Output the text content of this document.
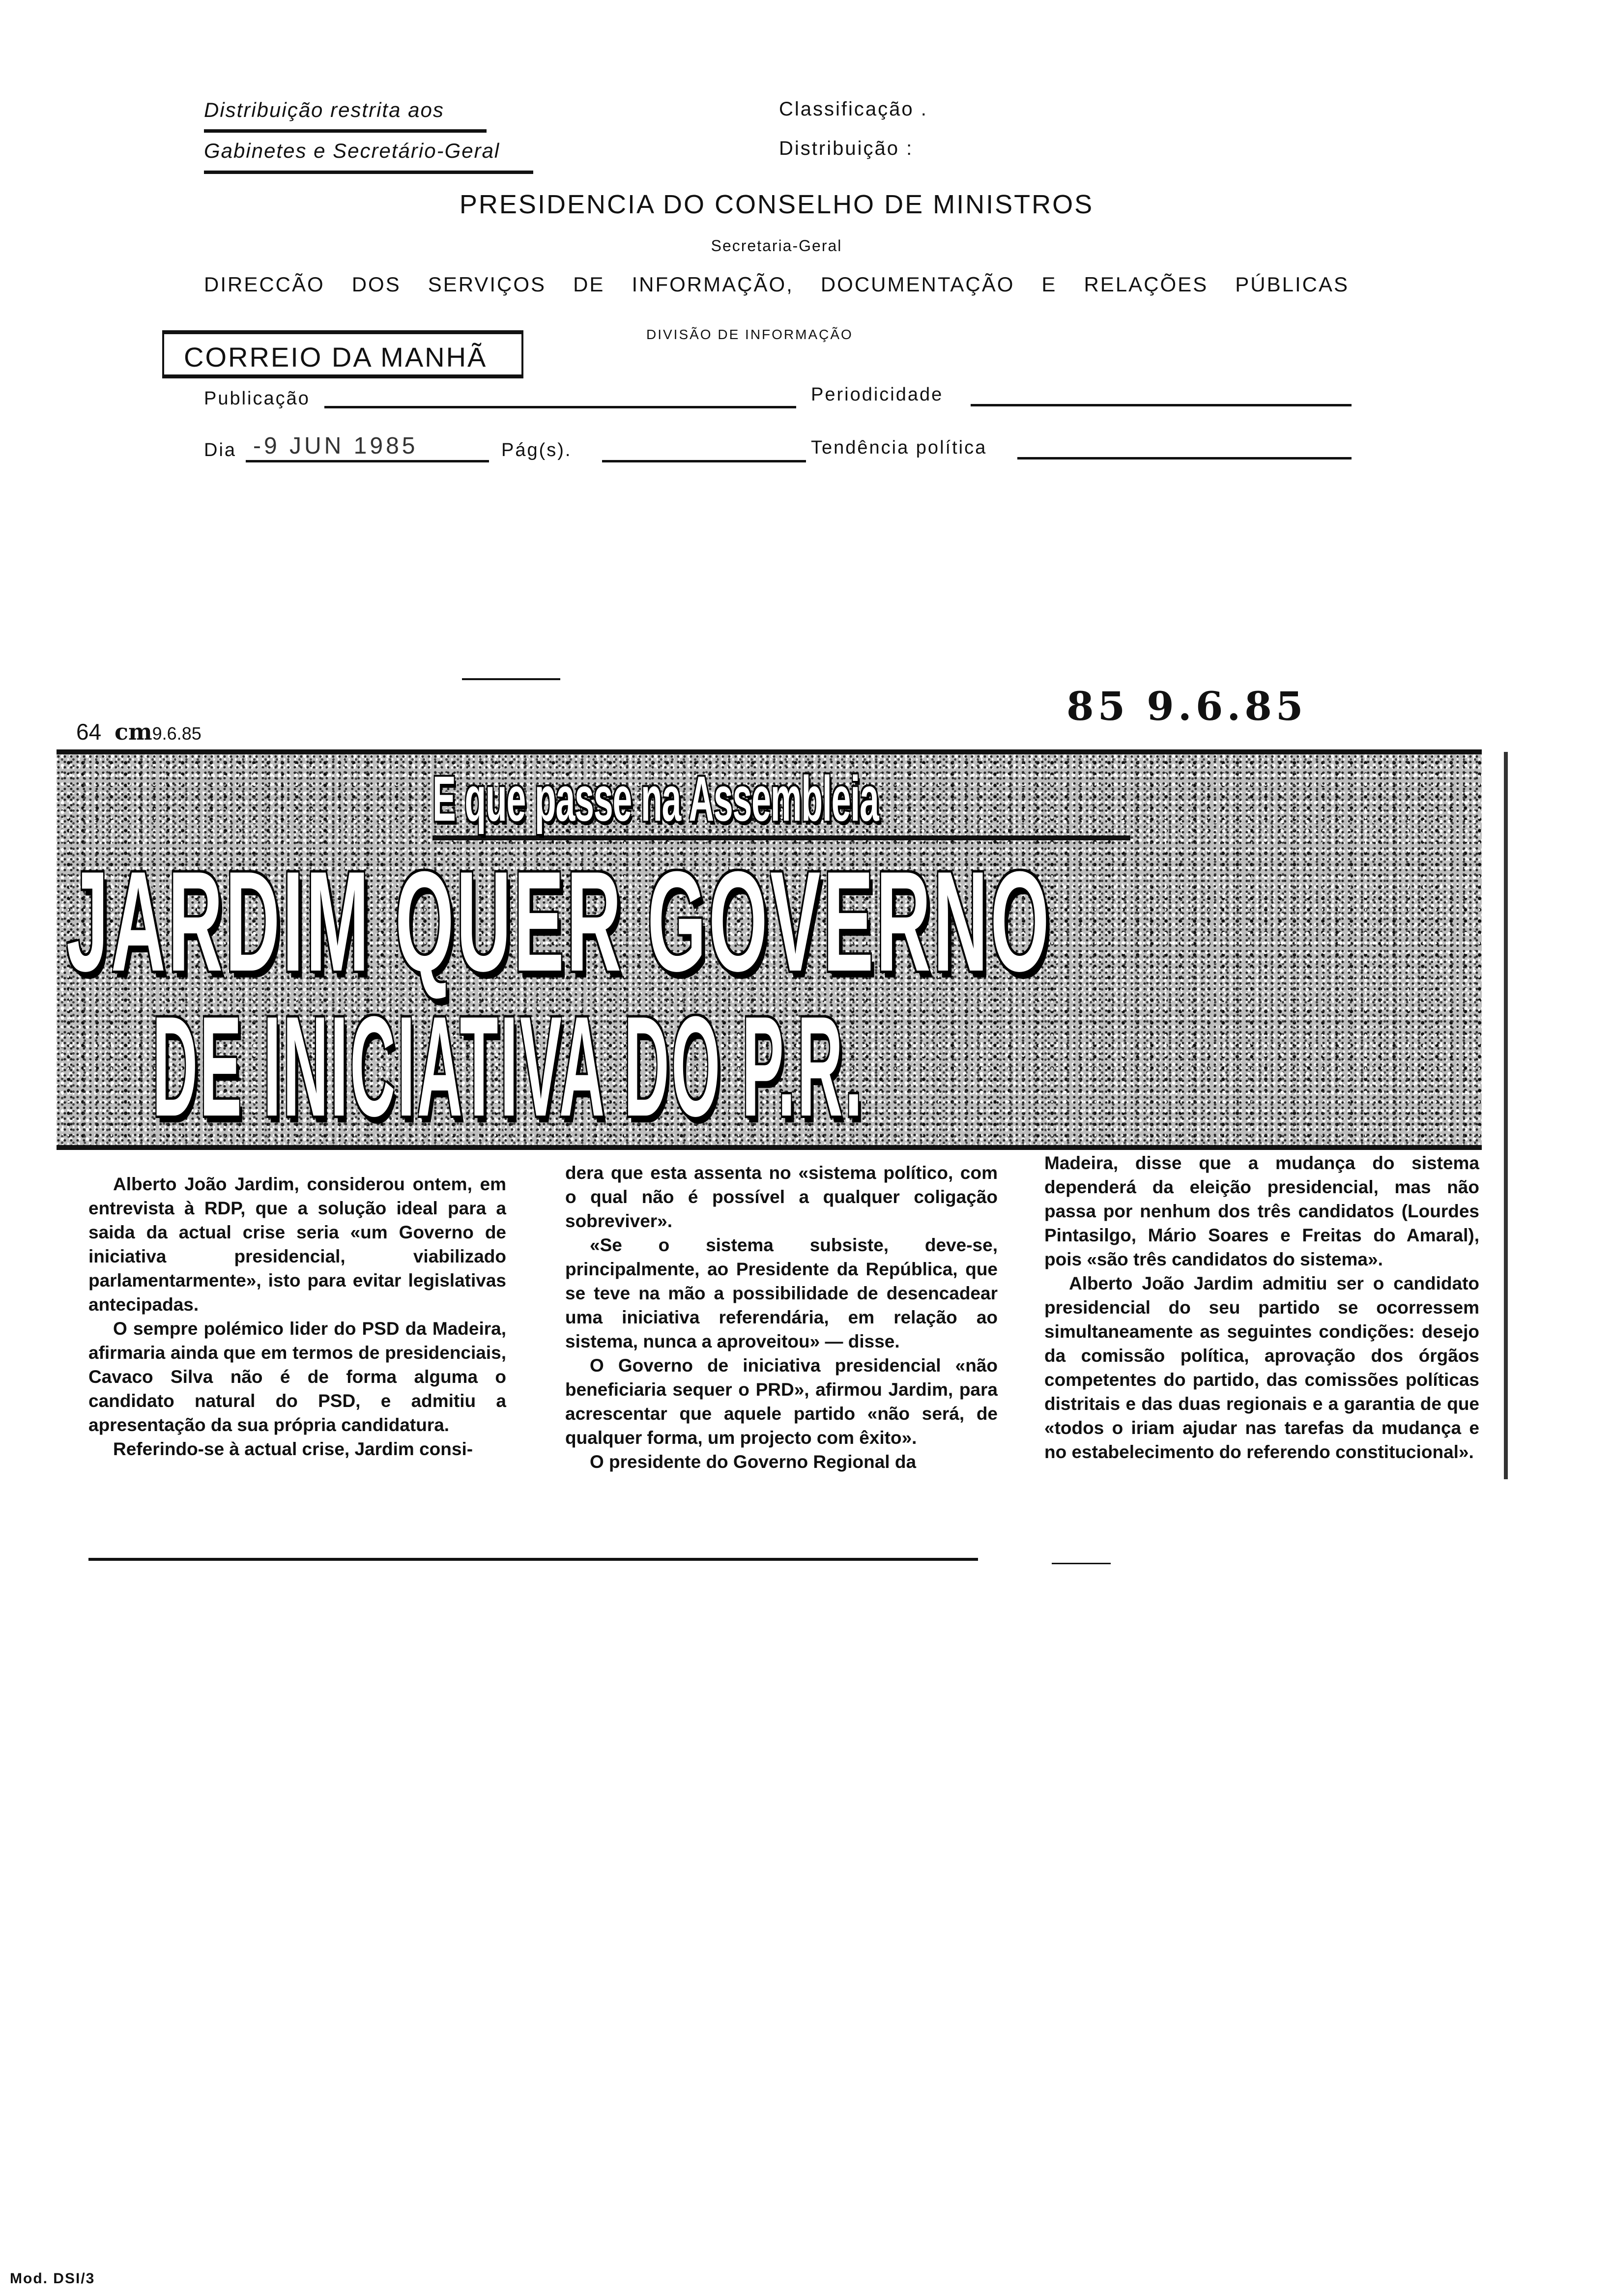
Distribuição restrita aos
Gabinetes e Secretário-Geral
Classificação .
Distribuição :
PRESIDENCIA DO CONSELHO DE MINISTROS
Secretaria-Geral
DIRECCÃO DOS SERVIÇOS DE INFORMAÇÃO, DOCUMENTAÇÃO E RELAÇÕES PÚBLICAS
CORREIO DA MANHÃ
DIVISÃO DE INFORMAÇÃO
Publicação	Periodicidade
Dia -9 JUN 1985	Pág(s).	Tendência política
64 cm9.6.85
85 9.6.85
E que passe na Assembleia
JARDIM QUER GOVERNO
DE INICIATIVA DO P.R.

Alberto João Jardim, considerou ontem, em entrevista à RDP, que a solução ideal para a saida da actual crise seria «um Governo de iniciativa presidencial, viabilizado parlamentarmente», isto para evitar legislativas antecipadas.

O sempre polémico lider do PSD da Madeira, afirmaria ainda que em termos de presidenciais, Cavaco Silva não é de forma alguma o candidato natural do PSD, e admitiu a apresentação da sua própria candidatura.

Referindo-se à actual crise, Jardim consi-

dera que esta assenta no «sistema político, com o qual não é possível a qualquer coligação sobreviver».

«Se o sistema subsiste, deve-se, principalmente, ao Presidente da República, que se teve na mão a possibilidade de desencadear uma iniciativa referendária, em relação ao sistema, nunca a aproveitou» — disse.

O Governo de iniciativa presidencial «não beneficiaria sequer o PRD», afirmou Jardim, para acrescentar que aquele partido «não será, de qualquer forma, um projecto com êxito».

O presidente do Governo Regional da

Madeira, disse que a mudança do sistema dependerá da eleição presidencial, mas não passa por nenhum dos três candidatos (Lourdes Pintasilgo, Mário Soares e Freitas do Amaral), pois «são três candidatos do sistema».

Alberto João Jardim admitiu ser o candidato presidencial do seu partido se ocorressem simultaneamente as seguintes condições: desejo da comissão política, aprovação dos órgãos competentes do partido, das comissões políticas distritais e das duas regionais e a garantia de que «todos o iriam ajudar nas tarefas da mudança e no estabelecimento do referendo constitucional».

Mod. DSI/3
